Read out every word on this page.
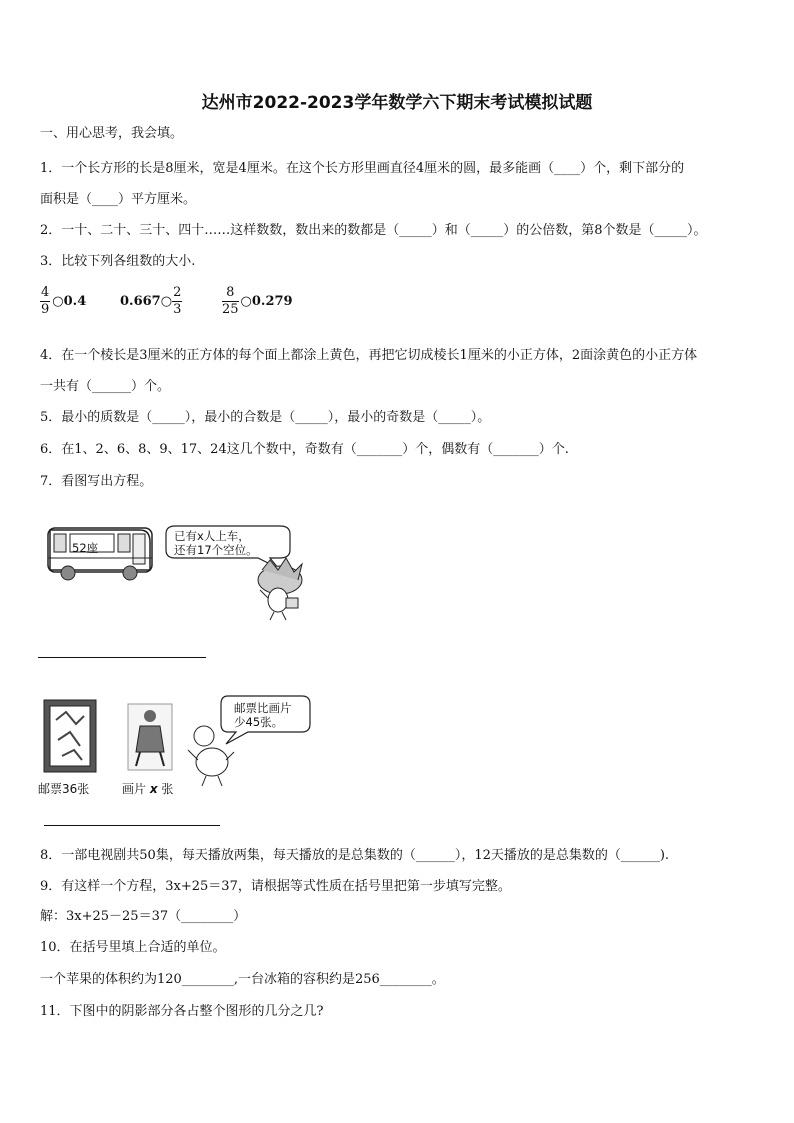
达州市2022-2023学年数学六下期末考试模拟试题
一、用心思考，我会填。
1．一个长方形的长是8厘米，宽是4厘米。在这个长方形里画直径4厘米的圆，最多能画（____）个，剩下部分的
面积是（____）平方厘米。
2．一十、二十、三十、四十……这样数数，数出来的数都是（_____）和（_____）的公倍数，第8个数是（_____）。
3．比较下列各组数的大小.
$\frac{4}{9}$ ○0.4	0.667○ $\frac{2}{3}$	$\frac{8}{25}$ ○0.279
4．在一个棱长是3厘米的正方体的每个面上都涂上黄色，再把它切成棱长1厘米的小正方体，2面涂黄色的小正方体
一共有（______）个。
5．最小的质数是（_____），最小的合数是（_____），最小的奇数是（_____）。
6．在1、2、6、8、9、17、24这几个数中，奇数有（_______）个，偶数有（_______）个.
7．看图写出方程。
52座
已有x人上车，
还有17个空位。
邮票比画片
少45张。
邮票36张	画片 x 张
8．一部电视剧共50集，每天播放两集，每天播放的是总集数的（______），12天播放的是总集数的（______).
9．有这样一个方程，3x+25＝37，请根据等式性质在括号里把第一步填写完整。
解：3x+25－25＝37（________）
10．在括号里填上合适的单位。
一个苹果的体积约为120________,一台冰箱的容积约是256________。
11．下图中的阴影部分各占整个图形的几分之几?
